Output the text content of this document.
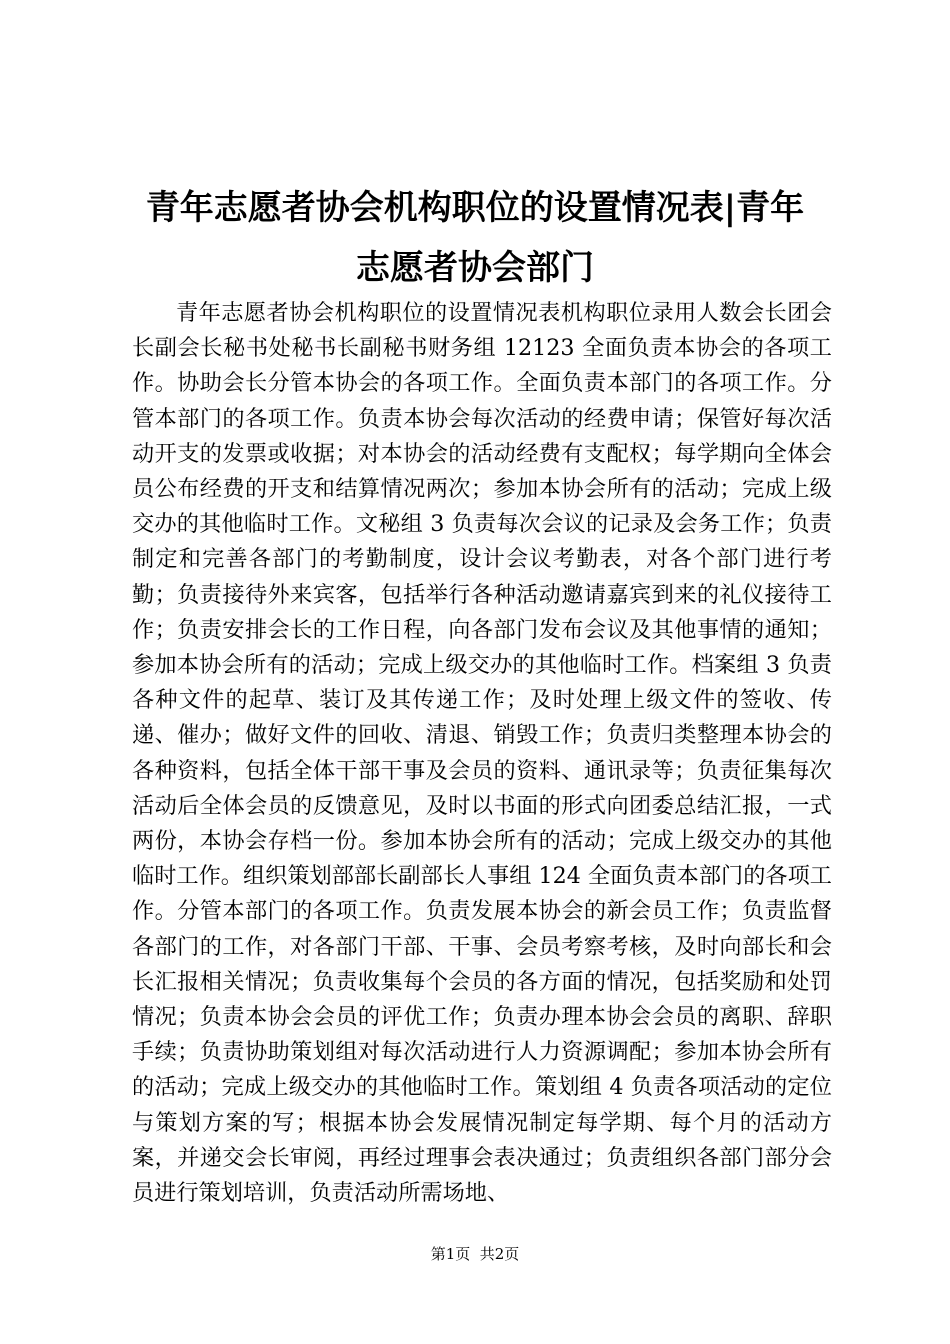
青年志愿者协会机构职位的设置情况表|青年
志愿者协会部门

青年志愿者协会机构职位的设置情况表机构职位录用人数会长团会长副会长秘书处秘书长副秘书财务组 12123 全面负责本协会的各项工作。协助会长分管本协会的各项工作。全面负责本部门的各项工作。分管本部门的各项工作。负责本协会每次活动的经费申请；保管好每次活动开支的发票或收据；对本协会的活动经费有支配权；每学期向全体会员公布经费的开支和结算情况两次；参加本协会所有的活动；完成上级交办的其他临时工作。文秘组 3 负责每次会议的记录及会务工作；负责制定和完善各部门的考勤制度，设计会议考勤表，对各个部门进行考勤；负责接待外来宾客，包括举行各种活动邀请嘉宾到来的礼仪接待工作；负责安排会长的工作日程，向各部门发布会议及其他事情的通知；参加本协会所有的活动；完成上级交办的其他临时工作。档案组 3 负责各种文件的起草、装订及其传递工作；及时处理上级文件的签收、传递、催办；做好文件的回收、清退、销毁工作；负责归类整理本协会的各种资料，包括全体干部干事及会员的资料、通讯录等；负责征集每次活动后全体会员的反馈意见，及时以书面的形式向团委总结汇报，一式两份，本协会存档一份。参加本协会所有的活动；完成上级交办的其他临时工作。组织策划部部长副部长人事组 124 全面负责本部门的各项工作。分管本部门的各项工作。负责发展本协会的新会员工作；负责监督各部门的工作，对各部门干部、干事、会员考察考核，及时向部长和会长汇报相关情况；负责收集每个会员的各方面的情况，包括奖励和处罚情况；负责本协会会员的评优工作；负责办理本协会会员的离职、辞职手续；负责协助策划组对每次活动进行人力资源调配；参加本协会所有的活动；完成上级交办的其他临时工作。策划组 4 负责各项活动的定位与策划方案的写；根据本协会发展情况制定每学期、每个月的活动方案，并递交会长审阅，再经过理事会表决通过；负责组织各部门部分会员进行策划培训，负责活动所需场地、

第1页  共2页
